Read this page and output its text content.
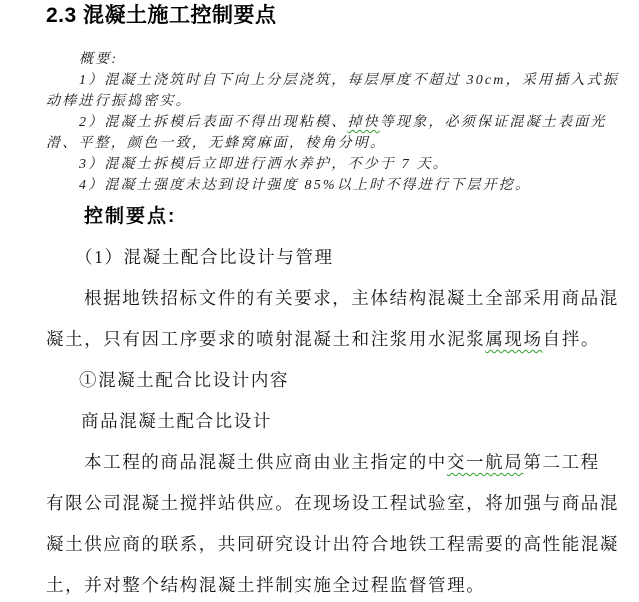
2.3 混凝土施工控制要点
概要:
1）混凝土浇筑时自下向上分层浇筑，每层厚度不超过 30cm，采用插入式振
动棒进行振捣密实。
2）混凝土拆模后表面不得出现粘模、掉快等现象，必须保证混凝土表面光
滑、平整，颜色一致，无蜂窝麻面，棱角分明。
3）混凝土拆模后立即进行洒水养护，不少于 7 天。
4）混凝土强度未达到设计强度 85%以上时不得进行下层开挖。
控制要点:
（1）混凝土配合比设计与管理
根据地铁招标文件的有关要求，主体结构混凝土全部采用商品混
凝土，只有因工序要求的喷射混凝土和注浆用水泥浆属现场自拌。
①混凝土配合比设计内容
商品混凝土配合比设计
本工程的商品混凝土供应商由业主指定的中交一航局第二工程
有限公司混凝土搅拌站供应。在现场设工程试验室，将加强与商品混
凝土供应商的联系，共同研究设计出符合地铁工程需要的高性能混凝
土，并对整个结构混凝土拌制实施全过程监督管理。
